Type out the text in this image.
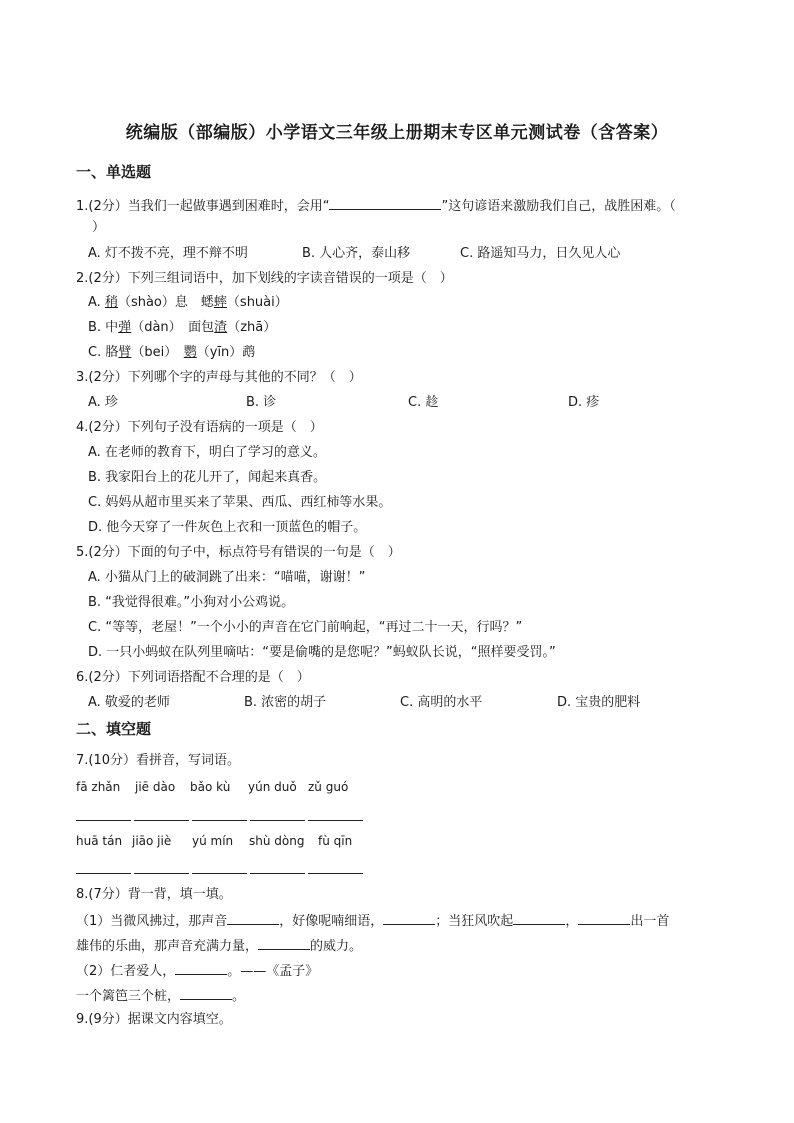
统编版（部编版）小学语文三年级上册期末专区单元测试卷（含答案）
一、单选题
1.(2分）当我们一起做事遇到困难时，会用“	”这句谚语来激励我们自己，战胜困难。（
）
A. 灯不拨不亮，理不辩不明	B. 人心齐，泰山移	C. 路遥知马力，日久见人心
2.(2分）下列三组词语中，加下划线的字读音错误的一项是（　）
A. 稍（shào）息　蟋蟀（shuài）
B. 中弹（dàn）　面包渣（zhā）
C. 胳臂（bei）　鹦（yīn）鹉
3.(2分）下列哪个字的声母与其他的不同？（　）
A. 珍	B. 诊	C. 趁	D. 疹
4.(2分）下列句子没有语病的一项是（　）
A. 在老师的教育下，明白了学习的意义。
B. 我家阳台上的花儿开了，闻起来真香。
C. 妈妈从超市里买来了苹果、西瓜、西红柿等水果。
D. 他今天穿了一件灰色上衣和一顶蓝色的帽子。
5.(2分）下面的句子中，标点符号有错误的一句是（　）
A. 小猫从门上的破洞跳了出来：“喵喵，谢谢！”
B. “我觉得很难。”小狗对小公鸡说。
C. “等等，老屋！”一个小小的声音在它门前响起，“再过二十一天，行吗？”
D. 一只小蚂蚁在队列里嘀咕：“要是偷嘴的是您呢？”蚂蚁队长说，“照样要受罚。”
6.(2分）下列词语搭配不合理的是（　）
A. 敬爱的老师	B. 浓密的胡子	C. 高明的水平	D. 宝贵的肥料
二、填空题
7.(10分）看拼音，写词语。
fā zhǎn jiē dào bǎo kù yún duǒ zǔ guó
huā tán jiāo jiè yú mín shù dòng fù qīn
8.(7分）背一背，填一填。
（1）当微风拂过，那声音	，好像呢喃细语，	；当狂风吹起	，	出一首
雄伟的乐曲，那声音充满力量，	的威力。
（2）仁者爱人，	。——《孟子》
一个篱笆三个桩，	。
9.(9分）据课文内容填空。
